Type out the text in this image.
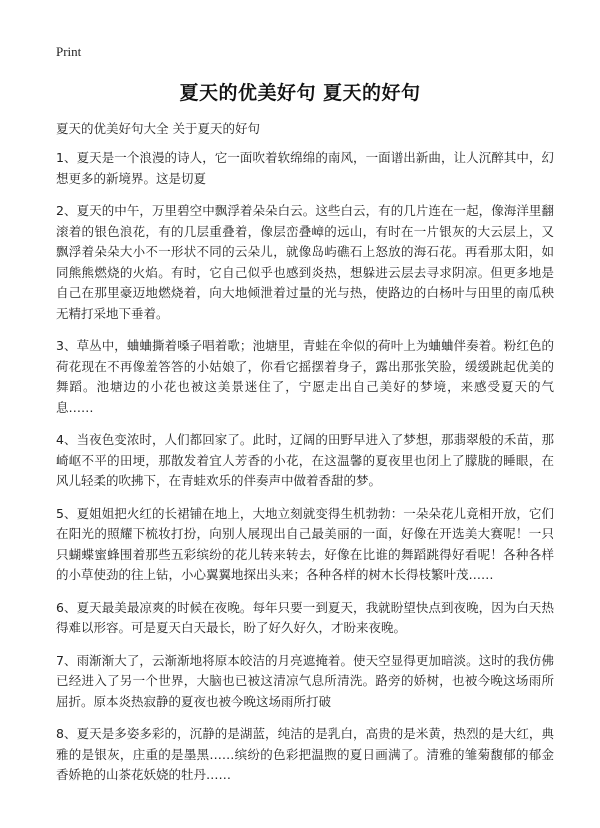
Print
夏天的优美好句 夏天的好句

夏天的优美好句大全 关于夏天的好句

1、夏天是一个浪漫的诗人，它一面吹着软绵绵的南风，一面谱出新曲，让人沉醉其中，幻想更多的新境界。这是切夏

2、夏天的中午，万里碧空中飘浮着朵朵白云。这些白云，有的几片连在一起，像海洋里翻滚着的银色浪花，有的几层重叠着，像层峦叠嶂的远山，有时在一片银灰的大云层上，又飘浮着朵朵大小不一形状不同的云朵儿，就像岛屿礁石上怒放的海石花。再看那太阳，如同熊熊燃烧的火焰。有时，它自己似乎也感到炎热，想躲进云层去寻求阴凉。但更多地是自己在那里豪迈地燃烧着，向大地倾泄着过量的光与热，使路边的白杨叶与田里的南瓜秧无精打采地下垂着。

3、草丛中，蛐蛐撕着嗓子唱着歌；池塘里，青蛙在伞似的荷叶上为蛐蛐伴奏着。粉红色的荷花现在不再像羞答答的小姑娘了，你看它摇摆着身子，露出那张笑脸，缓缓跳起优美的舞蹈。池塘边的小花也被这美景迷住了，宁愿走出自己美好的梦境，来感受夏天的气息……

4、当夜色变浓时，人们都回家了。此时，辽阔的田野早进入了梦想，那翡翠般的禾苗，那崎岖不平的田埂，那散发着宜人芳香的小花，在这温馨的夏夜里也闭上了朦胧的睡眼，在风儿轻柔的吹拂下，在青蛙欢乐的伴奏声中做着香甜的梦。

5、夏姐姐把火红的长裙铺在地上，大地立刻就变得生机勃勃：一朵朵花儿竟相开放，它们在阳光的照耀下梳妆打扮，向别人展现出自己最美丽的一面，好像在开选美大赛呢！一只只蝴蝶蜜蜂围着那些五彩缤纷的花儿转来转去，好像在比谁的舞蹈跳得好看呢！各种各样的小草使劲的往上钻，小心翼翼地探出头来；各种各样的树木长得枝繁叶茂……

6、夏天最美最凉爽的时候在夜晚。每年只要一到夏天，我就盼望快点到夜晚，因为白天热得难以形容。可是夏天白天最长，盼了好久好久，才盼来夜晚。

7、雨渐渐大了，云渐渐地将原本皎洁的月亮遮掩着。使天空显得更加暗淡。这时的我仿佛已经进入了另一个世界，大脑也已被这清凉气息所清洗。路旁的娇树，也被今晚这场雨所屈折。原本炎热寂静的夏夜也被今晚这场雨所打破

8、夏天是多姿多彩的，沉静的是湖蓝，纯洁的是乳白，高贵的是米黄，热烈的是大红，典雅的是银灰，庄重的是墨黑……缤纷的色彩把温煦的夏日画满了。清雅的雏菊馥郁的郁金香娇艳的山茶花妖娆的牡丹……
